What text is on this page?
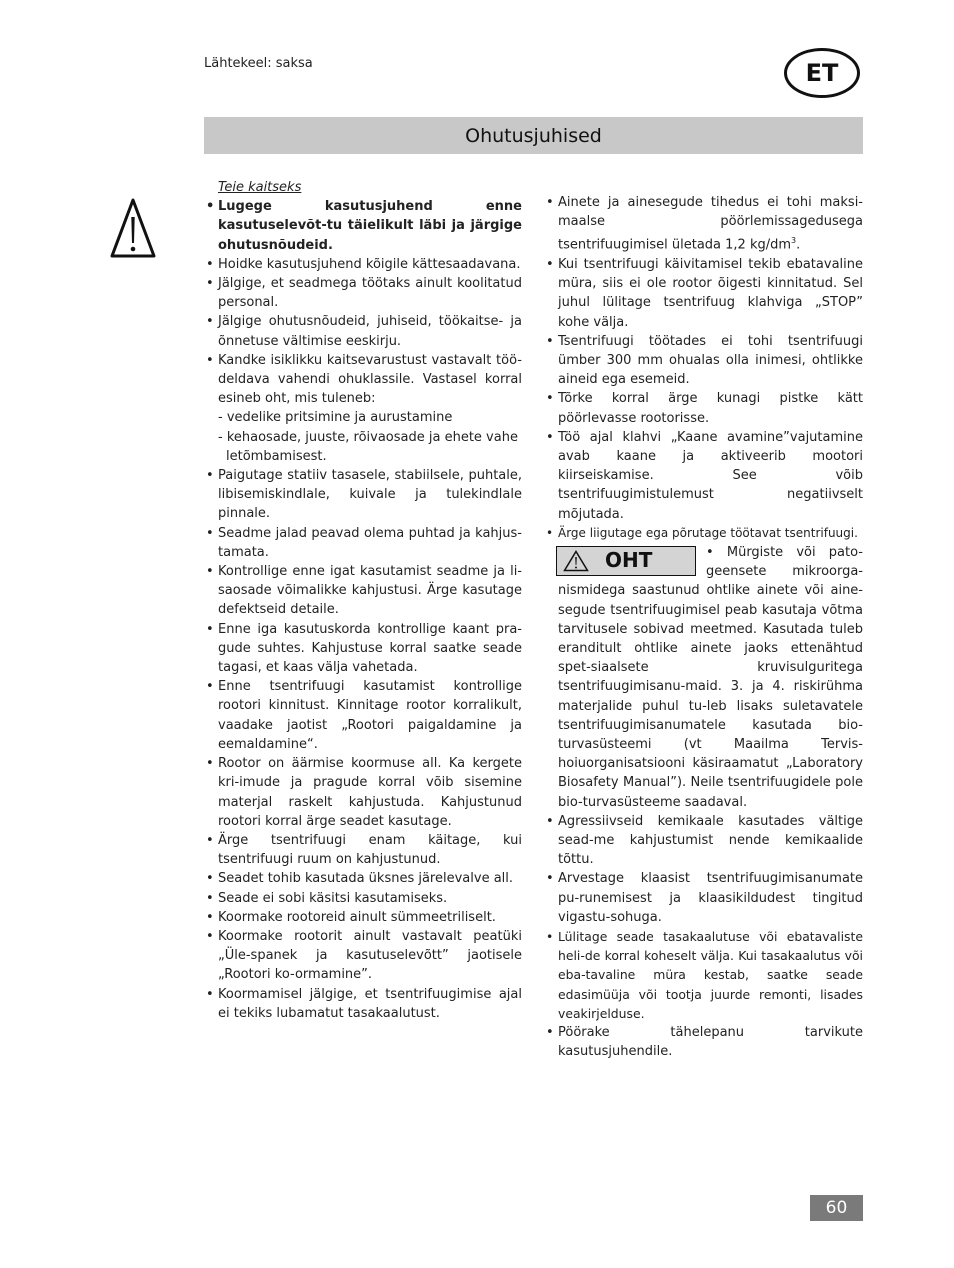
Lähtekeel: saksa	ET
Ohutusjuhised

Teie kaitseks

• Lugege kasutusjuhend enne kasutuselevõt-tu täielikult läbi ja järgige ohutusnõudeid.

• Hoidke kasutusjuhend kõigile kättesaadavana.

• Jälgige, et seadmega töötaks ainult koolitatud personal.

• Jälgige ohutusnõudeid, juhiseid, töökaitse- ja õnnetuse vältimise eeskirju.

• Kandke isiklikku kaitsevarustust vastavalt töö-deldava vahendi ohuklassile. Vastasel korral esineb oht, mis tuleneb:

- vedelike pritsimine ja aurustamine

- kehaosade, juuste, rõivaosade ja ehete vahe

letõmbamisest.

• Paigutage statiiv tasasele, stabiilsele, puhtale, libisemiskindlale, kuivale ja tulekindlale pinnale.

• Seadme jalad peavad olema puhtad ja kahjus-tamata.

• Kontrollige enne igat kasutamist seadme ja li-saosade võimalikke kahjustusi. Ärge kasutage defektseid detaile.

• Enne iga kasutuskorda kontrollige kaant pra-gude suhtes. Kahjustuse korral saatke seade tagasi, et kaas välja vahetada.

• Enne tsentrifuugi kasutamist kontrollige rootori kinnitust. Kinnitage rootor korralikult, vaadake jaotist „Rootori paigaldamine ja eemaldamine“.

• Rootor on äärmise koormuse all. Ka kergete kri-imude ja pragude korral võib sisemine materjal raskelt kahjustuda. Kahjustunud rootori korral ärge seadet kasutage.

• Ärge tsentrifuugi enam käitage, kui tsentrifuugi ruum on kahjustunud.

• Seadet tohib kasutada üksnes järelevalve all.

• Seade ei sobi käsitsi kasutamiseks.

• Koormake rootoreid ainult sümmeetriliselt.

• Koormake rootorit ainult vastavalt peatüki „Üle-spanek ja kasutuselevõtt” jaotisele „Rootori ko-ormamine”.

• Koormamisel jälgige, et tsentrifuugimise ajal ei tekiks lubamatut tasakaalutust.

• Ainete ja ainesegude tihedus ei tohi maksi-maalse pöörlemissagedusega tsentrifuugimisel ületada 1,2 $kg/dm^3$.

• Kui tsentrifuugi käivitamisel tekib ebatavaline müra, siis ei ole rootor õigesti kinnitatud. Sel juhul lülitage tsentrifuug klahviga „STOP” kohe välja.

• Tsentrifuugi töötades ei tohi tsentrifuugi ümber 300 mm ohualas olla inimesi, ohtlikke aineid ega esemeid.

• Tõrke korral ärge kunagi pistke kätt pöörlevasse rootorisse.

• Töö ajal klahvi „Kaane avamine”vajutamine avab kaane ja aktiveerib mootori kiirseiskamise. See võib tsentrifuugimistulemust negatiivselt mõjutada.

• Ärge liigutage ega põrutage töötavat tsentrifuugi.

OHT	• Mürgiste või pato-geensete mikroorga-nismidega saastunud ohtlike ainete või aine-segude tsentrifuugimisel peab kasutaja võtma tarvitusele sobivad meetmed. Kasutada tuleb eranditult ohtlike ainete jaoks ettenähtud spet-siaalsete kruvisulguritega tsentrifuugimisanu-maid. 3. ja 4. riskirühma materjalide puhul tu-leb lisaks suletavatele tsentrifuugimisanumatele kasutada bio-turvasüsteemi (vt Maailma Tervis-hoiuorganisatsiooni käsiraamatut „Laboratory Biosafety Manual”). Neile tsentrifuugidele pole bio-turvasüsteeme saadaval.

• Agressiivseid kemikaale kasutades vältige sead-me kahjustumist nende kemikaalide tõttu.

• Arvestage klaasist tsentrifuugimisanumate pu-runemisest ja klaasikildudest tingitud vigastu-sohuga.

• Lülitage seade tasakaalutuse või ebatavaliste heli-de korral koheselt välja. Kui tasakaalutus või eba-tavaline müra kestab, saatke seade edasimüüja või tootja juurde remonti, lisades veakirjelduse.

• Pöörake tähelepanu tarvikute kasutusjuhendile.

60
